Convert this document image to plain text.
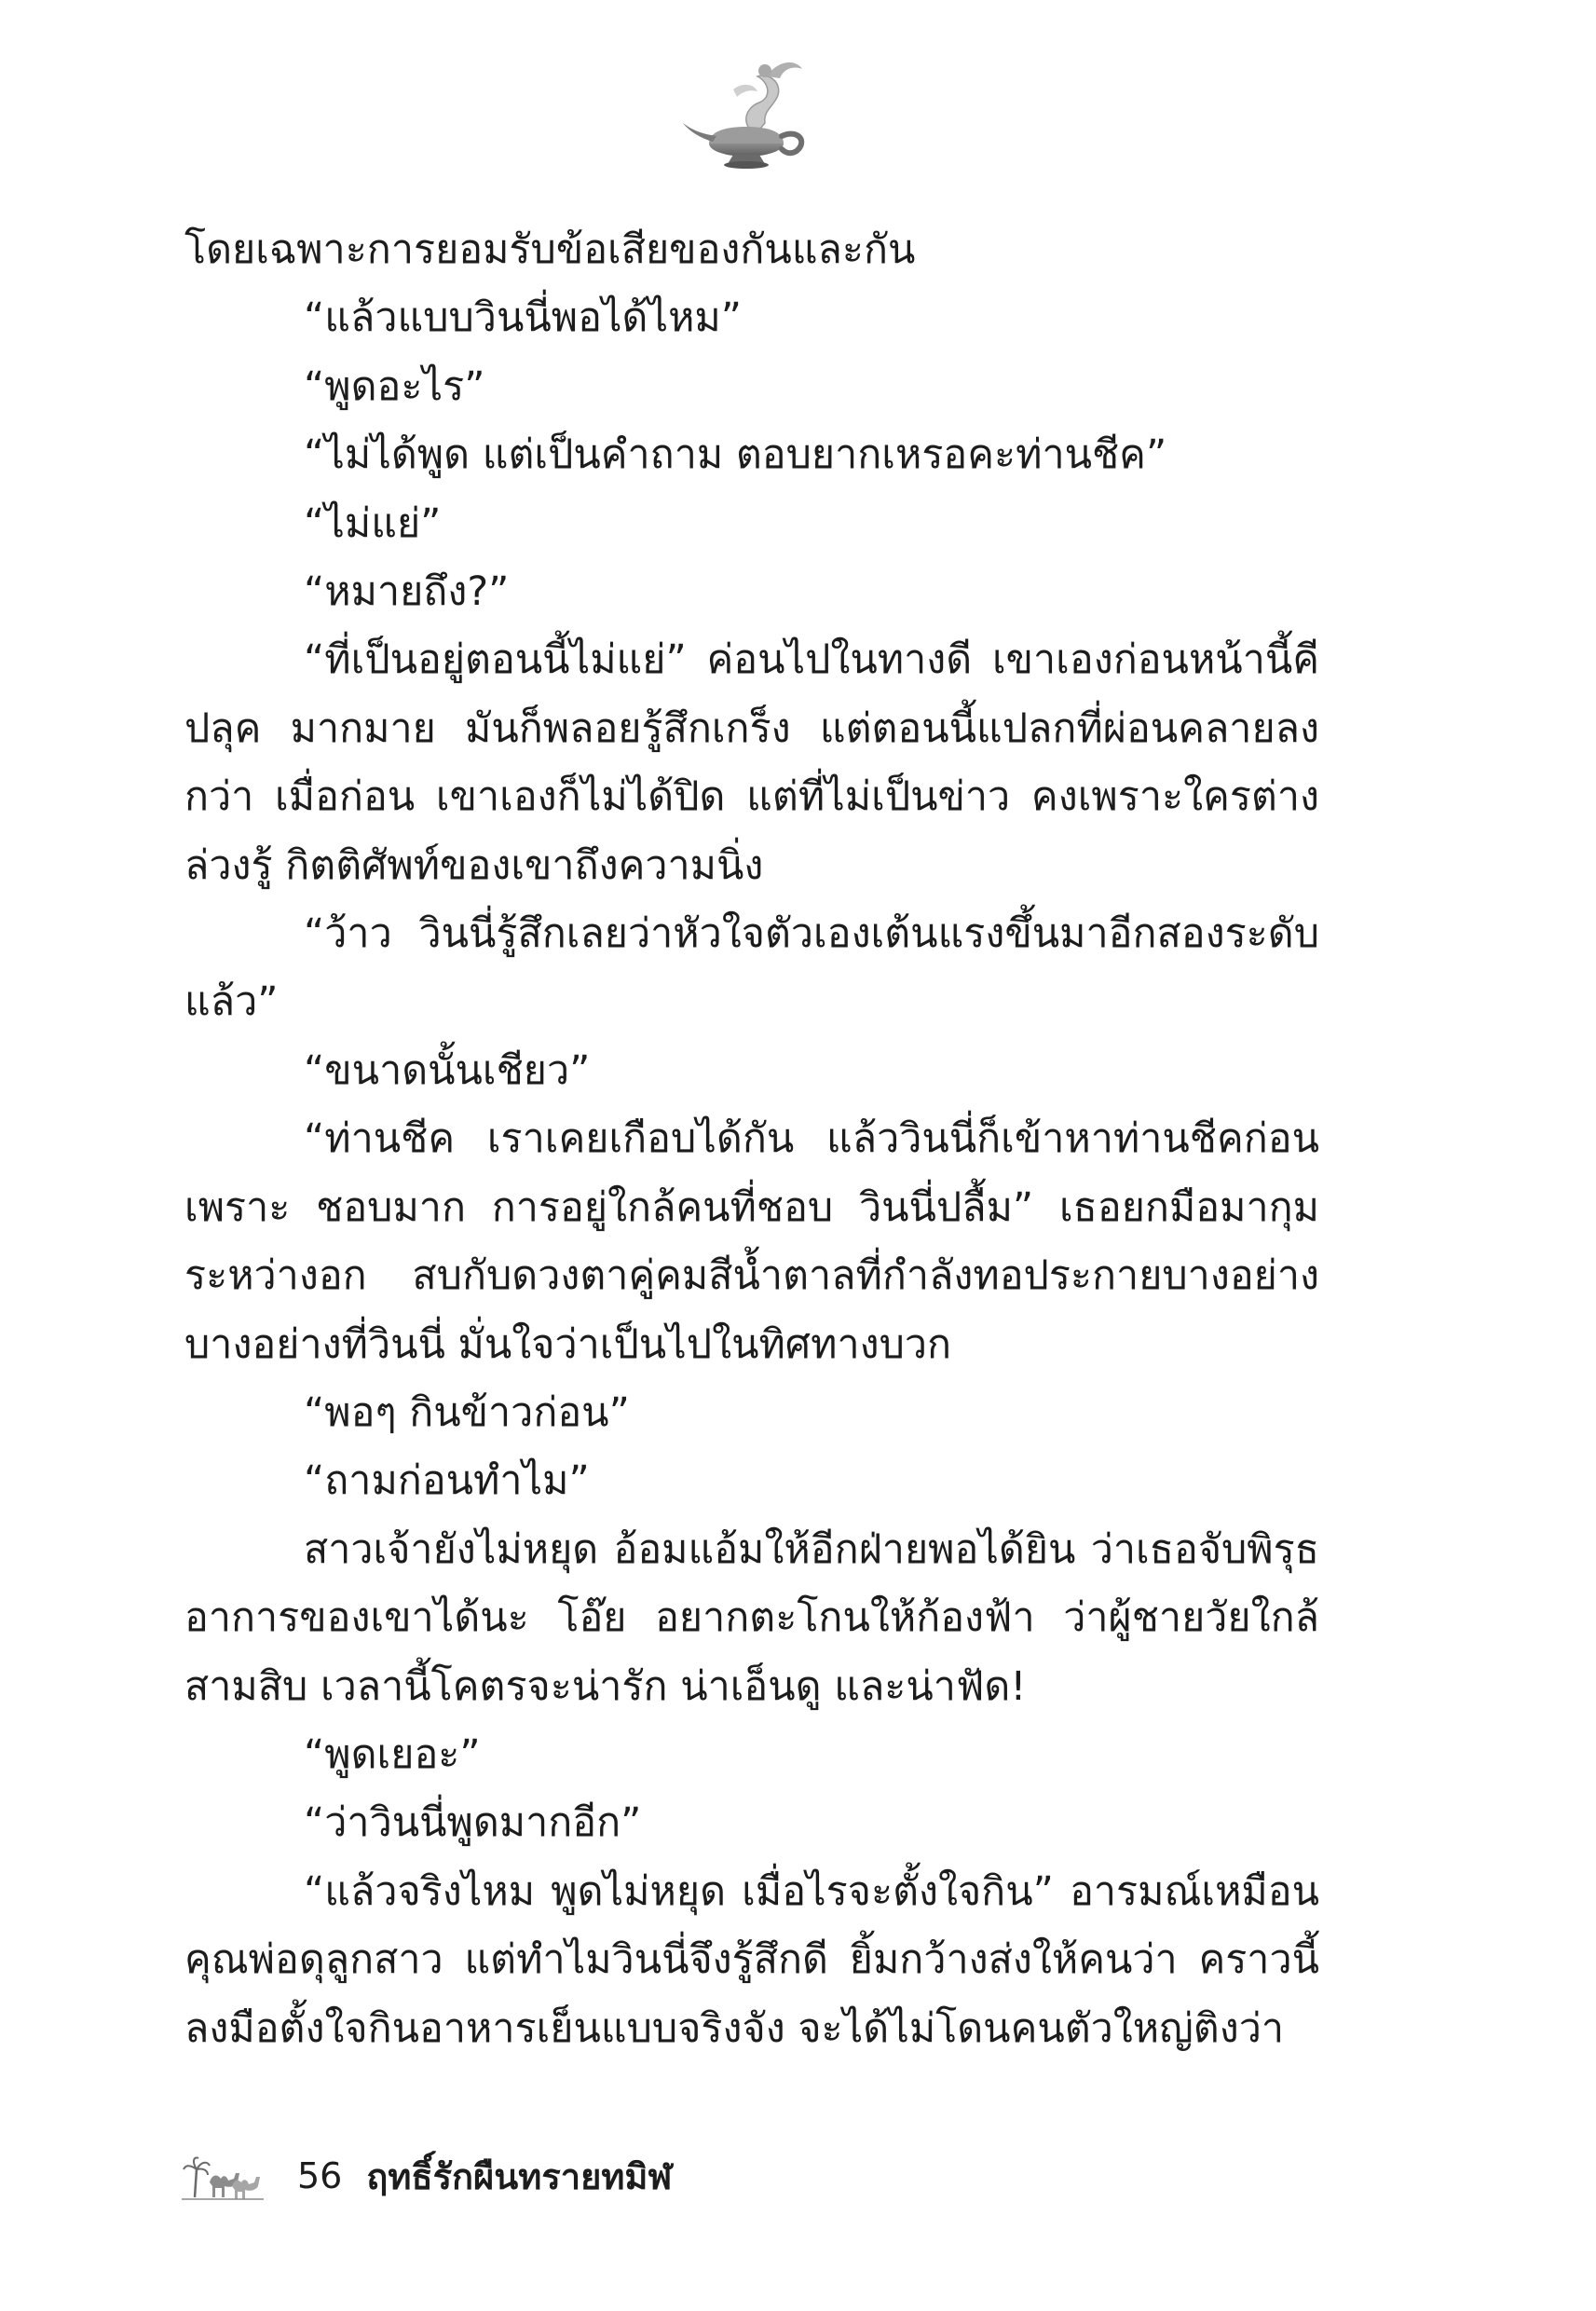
โดยเฉพาะการยอมรับข้อเสียของกันและกัน

“แล้วแบบวินนี่พอได้ไหม”

“พูดอะไร”

“ไม่ได้พูด แต่เป็นคำถาม ตอบยากเหรอคะท่านชีค”

“ไม่แย่”

“หมายถึง?”

“ที่เป็นอยู่ตอนนี้ไม่แย่” ค่อนไปในทางดี เขาเองก่อนหน้านี้คีปลุค มากมาย มันก็พลอยรู้สึกเกร็ง แต่ตอนนี้แปลกที่ผ่อนคลายลงกว่า เมื่อก่อน เขาเองก็ไม่ได้ปิด แต่ที่ไม่เป็นข่าว คงเพราะใครต่างล่วงรู้ กิตติศัพท์ของเขาถึงความนิ่ง

“ว้าว วินนี่รู้สึกเลยว่าหัวใจตัวเองเต้นแรงขึ้นมาอีกสองระดับแล้ว”

“ขนาดนั้นเชียว”

“ท่านชีค เราเคยเกือบได้กัน แล้ววินนี่ก็เข้าหาท่านชีคก่อนเพราะ ชอบมาก การอยู่ใกล้คนที่ชอบ วินนี่ปลื้ม” เธอยกมือมากุมระหว่างอก สบกับดวงตาคู่คมสีน้ำตาลที่กำลังทอประกายบางอย่าง บางอย่างที่วินนี่ มั่นใจว่าเป็นไปในทิศทางบวก

“พอๆ กินข้าวก่อน”

“ถามก่อนทำไม”

สาวเจ้ายังไม่หยุด อ้อมแอ้มให้อีกฝ่ายพอได้ยิน ว่าเธอจับพิรุธ อาการของเขาได้นะ โอ๊ย อยากตะโกนให้ก้องฟ้า ว่าผู้ชายวัยใกล้สามสิบ เวลานี้โคตรจะน่ารัก น่าเอ็นดู และน่าฟัด!

“พูดเยอะ”

“ว่าวินนี่พูดมากอีก”

“แล้วจริงไหม พูดไม่หยุด เมื่อไรจะตั้งใจกิน” อารมณ์เหมือน คุณพ่อดุลูกสาว แต่ทำไมวินนี่จึงรู้สึกดี ยิ้มกว้างส่งให้คนว่า คราวนี้ ลงมือตั้งใจกินอาหารเย็นแบบจริงจัง จะได้ไม่โดนคนตัวใหญ่ติงว่า

56 ฤทธิ์รักผืนทรายทมิฬ
